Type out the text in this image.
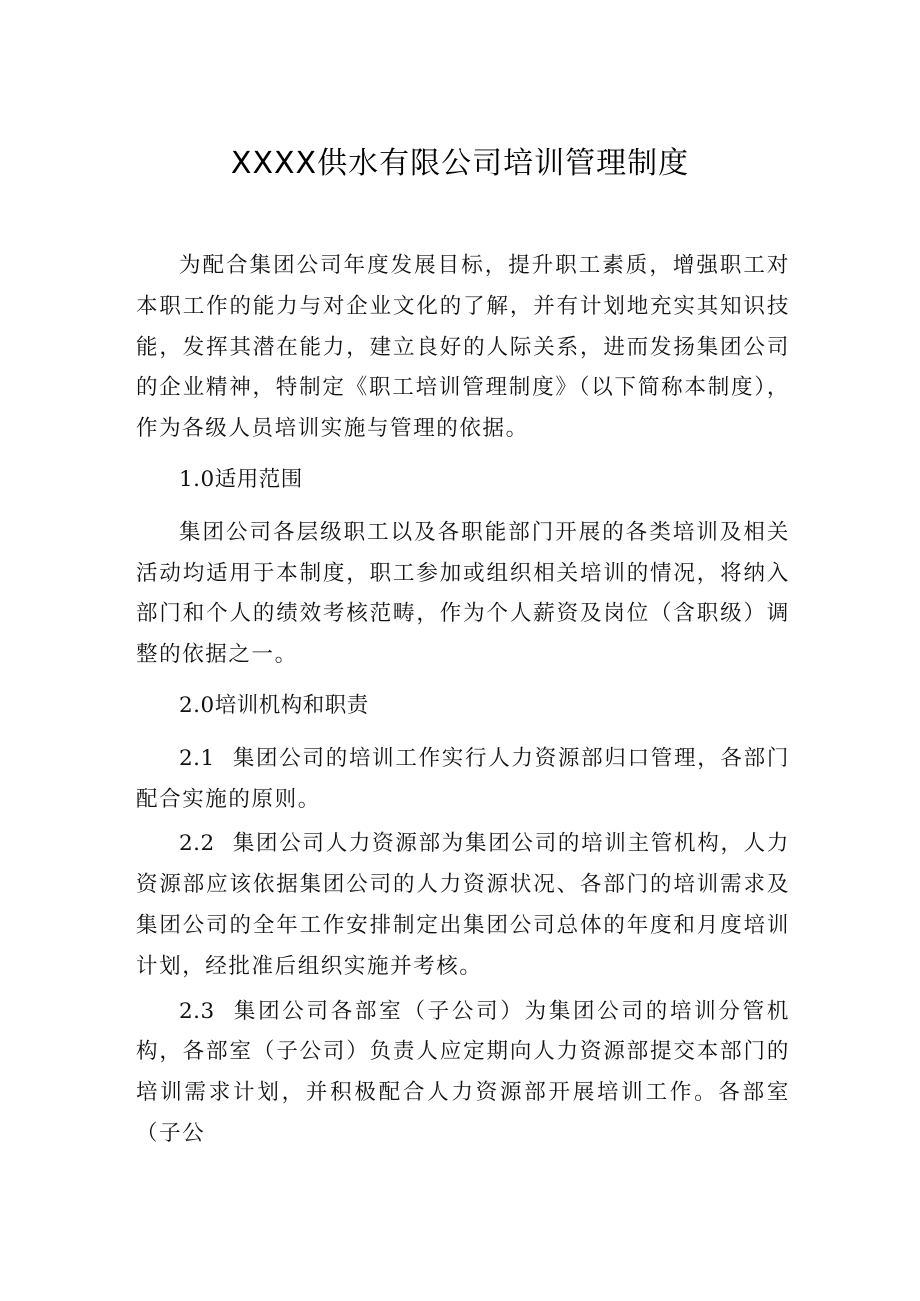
XXXX供水有限公司培训管理制度

为配合集团公司年度发展目标，提升职工素质，增强职工对本职工作的能力与对企业文化的了解，并有计划地充实其知识技能，发挥其潜在能力，建立良好的人际关系，进而发扬集团公司的企业精神，特制定《职工培训管理制度》（以下简称本制度），作为各级人员培训实施与管理的依据。

1.0适用范围

集团公司各层级职工以及各职能部门开展的各类培训及相关活动均适用于本制度，职工参加或组织相关培训的情况，将纳入部门和个人的绩效考核范畴，作为个人薪资及岗位（含职级）调整的依据之一。

2.0培训机构和职责

2.1 集团公司的培训工作实行人力资源部归口管理，各部门配合实施的原则。

2.2 集团公司人力资源部为集团公司的培训主管机构，人力资源部应该依据集团公司的人力资源状况、各部门的培训需求及集团公司的全年工作安排制定出集团公司总体的年度和月度培训计划，经批准后组织实施并考核。

2.3 集团公司各部室（子公司）为集团公司的培训分管机构，各部室（子公司）负责人应定期向人力资源部提交本部门的培训需求计划，并积极配合人力资源部开展培训工作。各部室（子公
